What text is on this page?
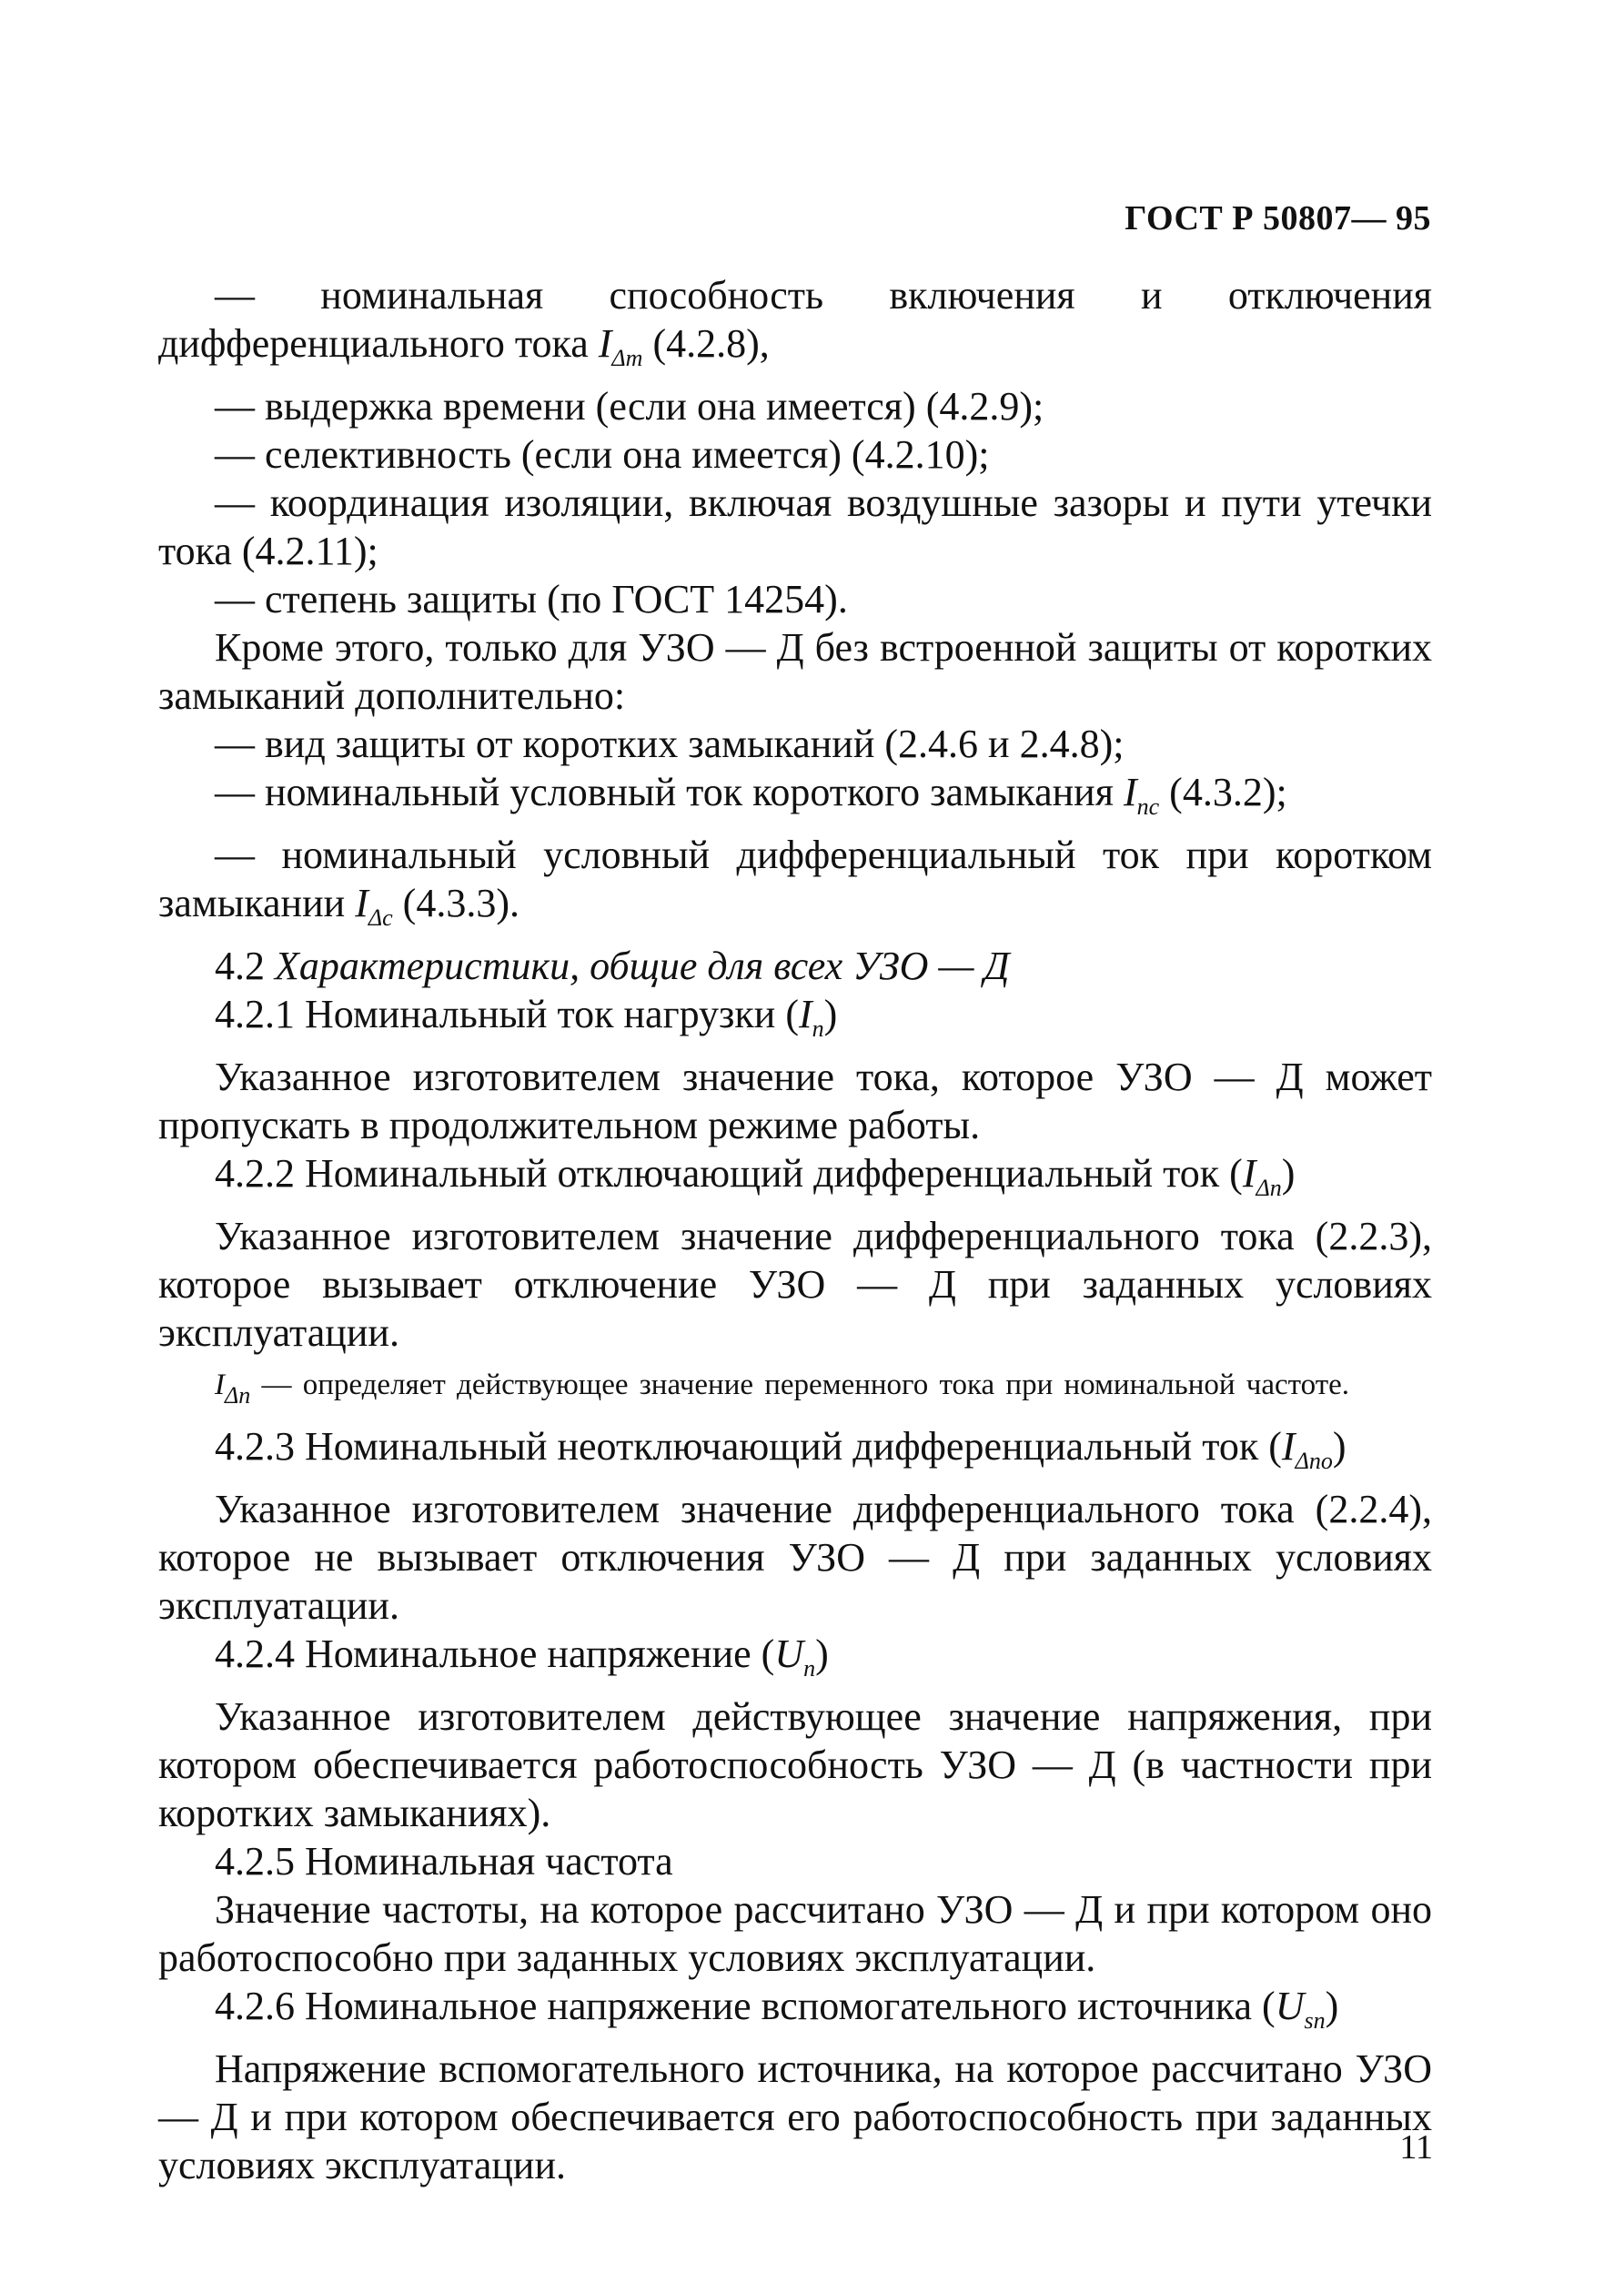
ГОСТ Р 50807— 95
— номинальная способность включения и отключения дифференциального тока $I_{\Delta m}$ (4.2.8),
— выдержка времени (если она имеется) (4.2.9);
— селективность (если она имеется) (4.2.10);
— координация изоляции, включая воздушные зазоры и пути утечки тока (4.2.11);
— степень защиты (по ГОСТ 14254).
Кроме этого, только для УЗО — Д без встроенной защиты от коротких замыканий дополнительно:
— вид защиты от коротких замыканий (2.4.6 и 2.4.8);
— номинальный условный ток короткого замыкания $I_{nc}$ (4.3.2);
— номинальный условный дифференциальный ток при коротком замыкании $I_{\Delta c}$ (4.3.3).
4.2 Характеристики, общие для всех УЗО — Д
4.2.1 Номинальный ток нагрузки $(I_n)$
Указанное изготовителем значение тока, которое УЗО — Д может пропускать в продолжительном режиме работы.
4.2.2 Номинальный отключающий дифференциальный ток $(I_{\Delta n})$
Указанное изготовителем значение дифференциального тока (2.2.3), которое вызывает отключение УЗО — Д при заданных условиях эксплуатации.
$I_{\Delta n}$ — определяет действующее значение переменного тока при номинальной частоте.
4.2.3 Номинальный неотключающий дифференциальный ток $(I_{\Delta no})$
Указанное изготовителем значение дифференциального тока (2.2.4), которое не вызывает отключения УЗО — Д при заданных условиях эксплуатации.
4.2.4 Номинальное напряжение $(U_n)$
Указанное изготовителем действующее значение напряжения, при котором обеспечивается работоспособность УЗО — Д (в частности при коротких замыканиях).
4.2.5 Номинальная частота
Значение частоты, на которое рассчитано УЗО — Д и при котором оно работоспособно при заданных условиях эксплуатации.
4.2.6 Номинальное напряжение вспомогательного источника $(U_{sn})$
Напряжение вспомогательного источника, на которое рассчитано УЗО — Д и при котором обеспечивается его работоспособность при заданных условиях эксплуатации.	11
